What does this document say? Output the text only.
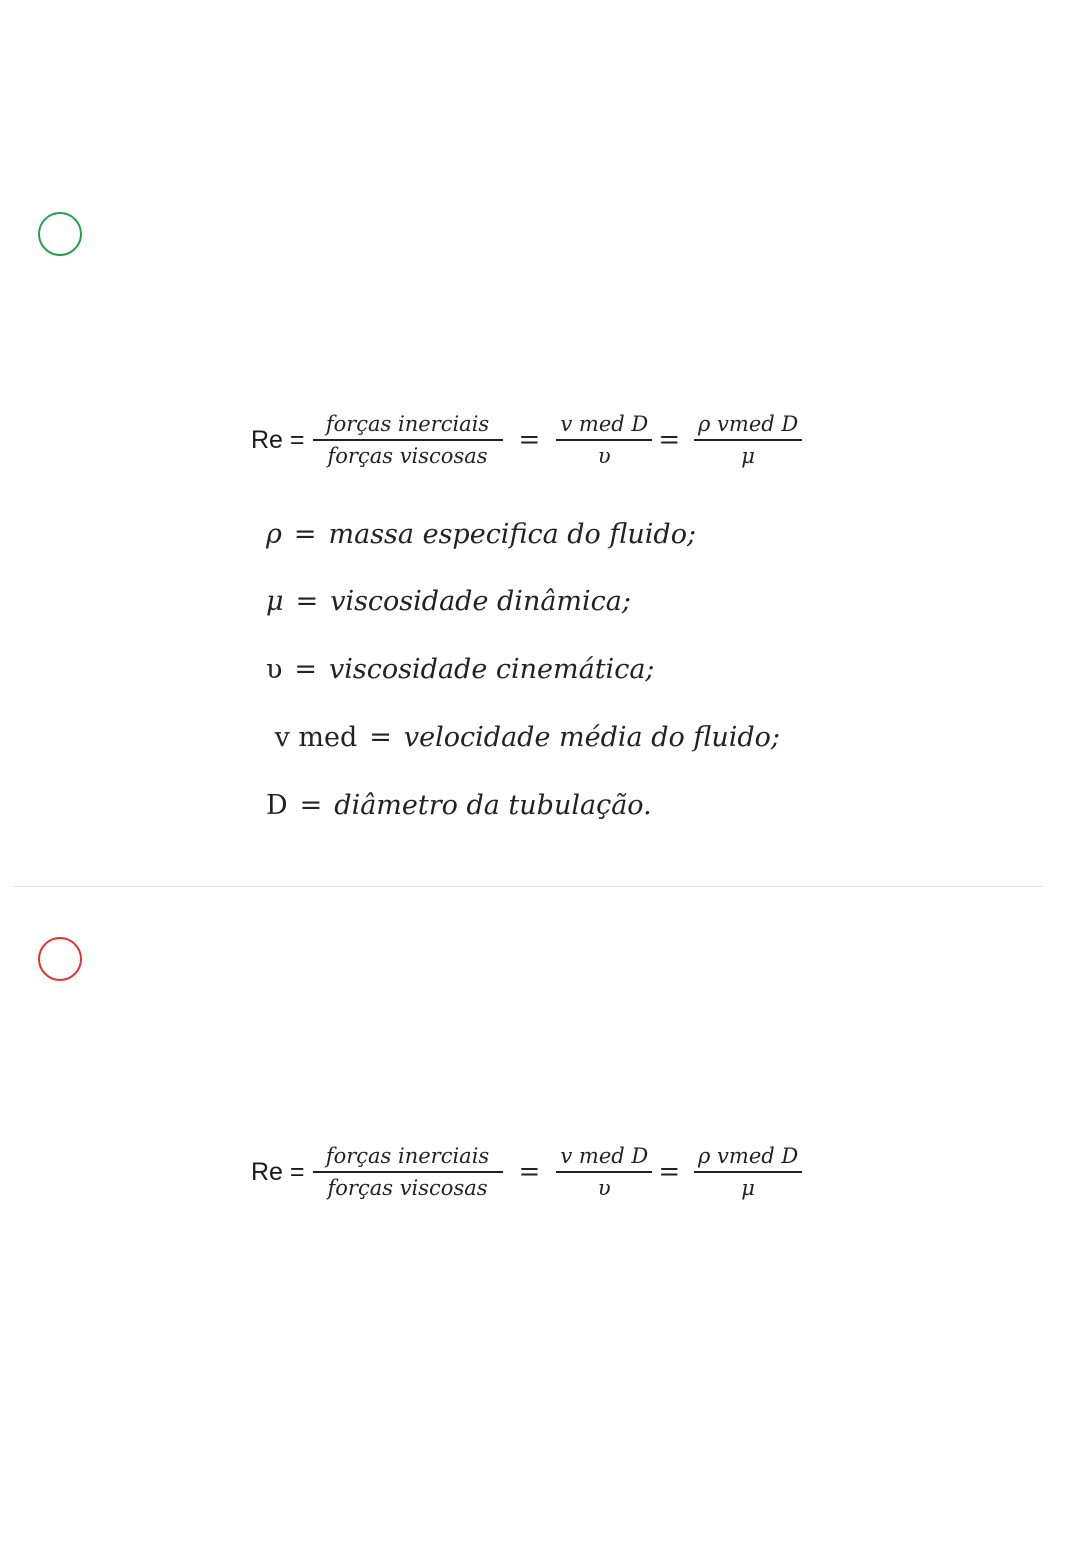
$Re = \frac{\text{forças inerciais}}{\text{forças viscosas}} = \frac{\text{v med D}}{\upsilon} = \frac{\text{ρ vmed D}}{\mu}$
ρ = massa especifica do fluido;
μ = viscosidade dinâmica;
υ = viscosidade cinemática;
v med = velocidade média do fluido;
D = diâmetro da tubulação.
$Re = \frac{\text{forças inerciais}}{\text{forças viscosas}} = \frac{\text{v med D}}{\upsilon} = \frac{\text{ρ vmed D}}{\mu}$
